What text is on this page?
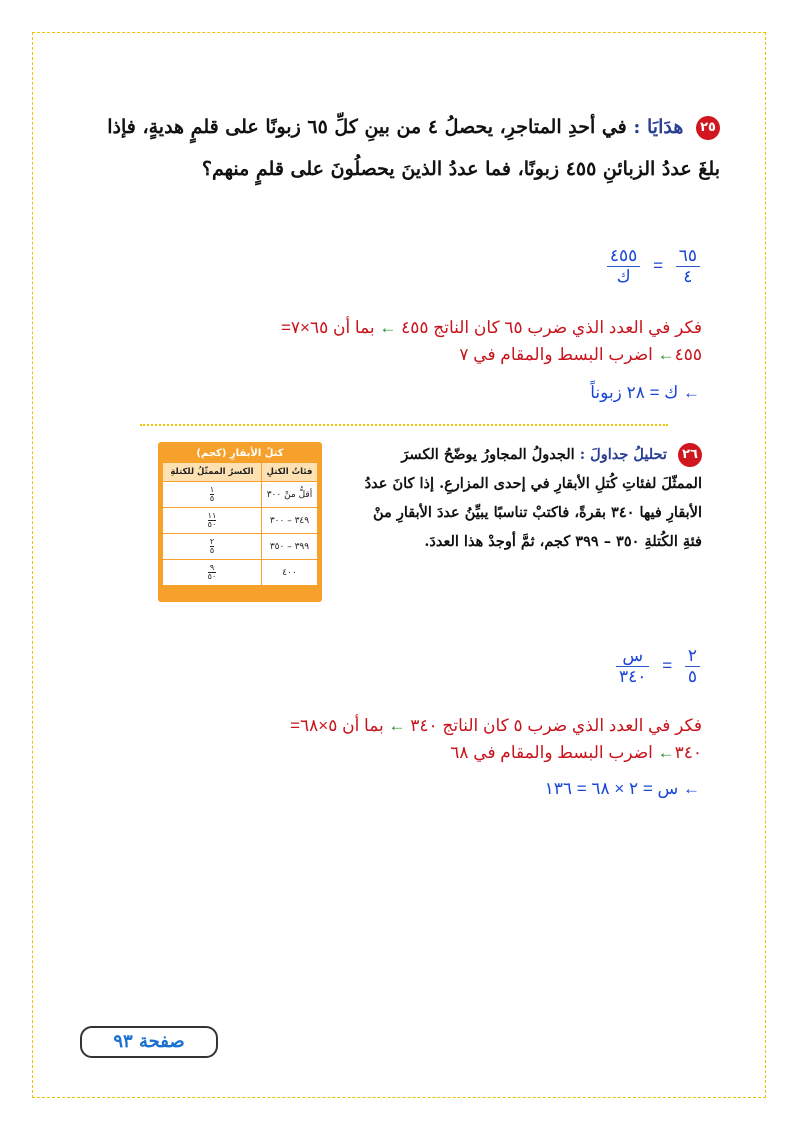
٢٥ هدَايَا : في أحدِ المتاجرِ، يحصلُ ٤ من بينِ كلِّ ٦٥ زبونًا على قلمٍ هديةٍ، فإذا بلغَ عددُ الزبائنِ ٤٥٥ زبونًا، فما عددُ الذينَ يحصلُونَ على قلمٍ منهم؟
$\frac{٦٥}{٤}$
=
$\frac{٤٥٥}{\text{ك}}$
فكر في العدد الذي ضرب ٦٥ كان الناتج ٤٥٥ ← بما أن ٦٥×٧=
٤٥٥← اضرب البسط والمقام في ٧
← ك = ٢٨ زبوناً
٢٦ تحليلُ جداولَ : الجدولُ المجاورُ يوضّحُ الكسرَ الممثّلَ لفئاتِ كُتلِ الأبقارِ في إحدى المزارعِ. إذا كانَ عددُ الأبقارِ فيها ٣٤٠ بقرةً، فاكتبْ تناسبًا يبيِّنُ عددَ الأبقارِ منْ فئةِ الكُتلةِ ٣٥٠ – ٣٩٩ كجم، ثمَّ أوجدْ هذا العددَ.
كتلُ الأبقارِ (كجم)
فئاتُ الكتلِ	الكسرُ الممثّلُ للكتلةِ
أقلُّ منْ ٣٠٠	١
٥

٣٤٩ – ٣٠٠	١١
٥٠

٣٩٩ – ٣٥٠	٢
٥

٤٠٠	٩
٥٠
$\frac{٢}{٥}$
=
$\frac{\text{س}}{٣٤٠}$
فكر في العدد الذي ضرب ٥ كان الناتج ٣٤٠ ← بما أن ٥×٦٨=
٣٤٠← اضرب البسط والمقام في ٦٨
← س = ٢ × ٦٨ = ١٣٦
صفحة ٩٣
